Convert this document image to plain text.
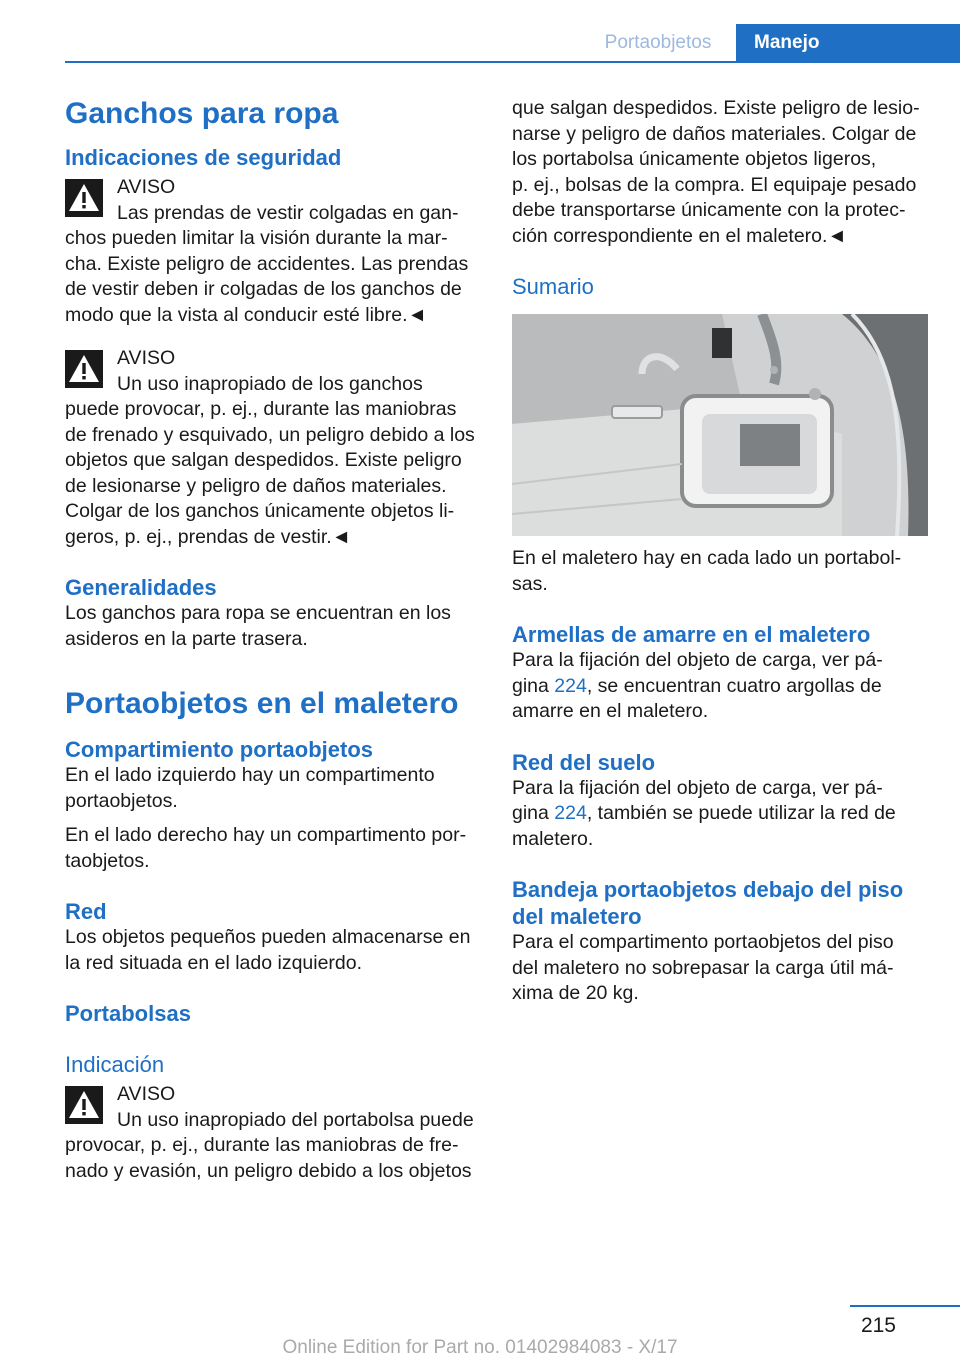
Portaobjetos	Manejo
Ganchos para ropa
Indicaciones de seguridad
AVISO
Las prendas de vestir colgadas en gan-
chos pueden limitar la visión durante la mar-
cha. Existe peligro de accidentes. Las prendas
de vestir deben ir colgadas de los ganchos de
modo que la vista al conducir esté libre.◄
AVISO
Un uso inapropiado de los ganchos
puede provocar, p. ej., durante las maniobras
de frenado y esquivado, un peligro debido a los
objetos que salgan despedidos. Existe peligro
de lesionarse y peligro de daños materiales.
Colgar de los ganchos únicamente objetos li-
geros, p. ej., prendas de vestir.◄
Generalidades
Los ganchos para ropa se encuentran en los
asideros en la parte trasera.
Portaobjetos en el maletero
Compartimiento portaobjetos
En el lado izquierdo hay un compartimento
portaobjetos.
En el lado derecho hay un compartimento por-
taobjetos.
Red
Los objetos pequeños pueden almacenarse en
la red situada en el lado izquierdo.
Portabolsas
Indicación
AVISO
Un uso inapropiado del portabolsa puede
provocar, p. ej., durante las maniobras de fre-
nado y evasión, un peligro debido a los objetos
que salgan despedidos. Existe peligro de lesio-
narse y peligro de daños materiales. Colgar de
los portabolsa únicamente objetos ligeros,
p. ej., bolsas de la compra. El equipaje pesado
debe transportarse únicamente con la protec-
ción correspondiente en el maletero.◄
Sumario
En el maletero hay en cada lado un portabol-
sas.
Armellas de amarre en el maletero
Para la fijación del objeto de carga, ver pá-
gina 224, se encuentran cuatro argollas de
amarre en el maletero.
Red del suelo
Para la fijación del objeto de carga, ver pá-
gina 224, también se puede utilizar la red de
maletero.
Bandeja portaobjetos debajo del piso
del maletero
Para el compartimento portaobjetos del piso
del maletero no sobrepasar la carga útil má-
xima de 20 kg.
215
Online Edition for Part no. 01402984083 - X/17
